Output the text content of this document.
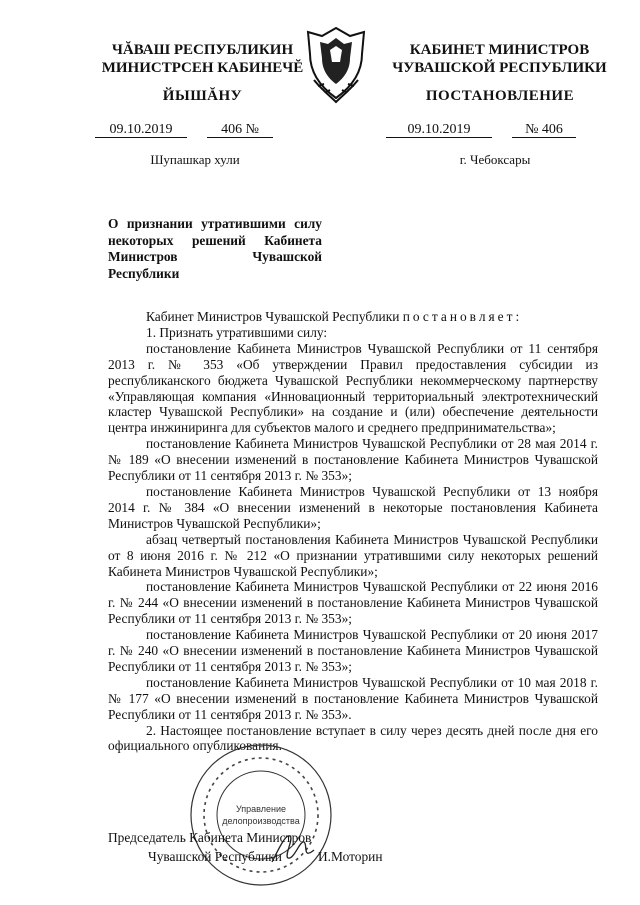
ЧĂВАШ РЕСПУБЛИКИН
МИНИСТРСЕН КАБИНЕЧĔ
КАБИНЕТ МИНИСТРОВ
ЧУВАШСКОЙ РЕСПУБЛИКИ
ЙЫШĂНУ	ПОСТАНОВЛЕНИЕ
09.10.2019	406 №	09.10.2019	№ 406
Шупашкар хули	г. Чебоксары
О признании утратившими силу некоторых решений Кабинета Министров Чувашской Республики

Кабинет Министров Чувашской Республики постановляет:

1. Признать утратившими силу:

постановление Кабинета Министров Чувашской Республики от 11 сентября 2013 г. № 353 «Об утверждении Правил предоставления субсидии из республиканского бюджета Чувашской Республики некоммерческому партнерству «Управляющая компания «Инновационный территориальный электротехнический кластер Чувашской Республики» на создание и (или) обеспечение деятельности центра инжиниринга для субъектов малого и среднего предпринимательства»;

постановление Кабинета Министров Чувашской Республики от 28 мая 2014 г. № 189 «О внесении изменений в постановление Кабинета Министров Чувашской Республики от 11 сентября 2013 г. № 353»;

постановление Кабинета Министров Чувашской Республики от 13 ноября 2014 г. № 384 «О внесении изменений в некоторые постановления Кабинета Министров Чувашской Республики»;

абзац четвертый постановления Кабинета Министров Чувашской Республики от 8 июня 2016 г. № 212 «О признании утратившими силу некоторых решений Кабинета Министров Чувашской Республики»;

постановление Кабинета Министров Чувашской Республики от 22 июня 2016 г. № 244 «О внесении изменений в постановление Кабинета Министров Чувашской Республики от 11 сентября 2013 г. № 353»;

постановление Кабинета Министров Чувашской Республики от 20 июня 2017 г. № 240 «О внесении изменений в постановление Кабинета Министров Чувашской Республики от 11 сентября 2013 г. № 353»;

постановление Кабинета Министров Чувашской Республики от 10 мая 2018 г. № 177 «О внесении изменений в постановление Кабинета Министров Чувашской Республики от 11 сентября 2013 г. № 353».

2. Настоящее постановление вступает в силу через десять дней после дня его официального опубликования.

Управление
делопроизводства
Председатель Кабинета Министров
Чувашской Республики	И.Моторин
